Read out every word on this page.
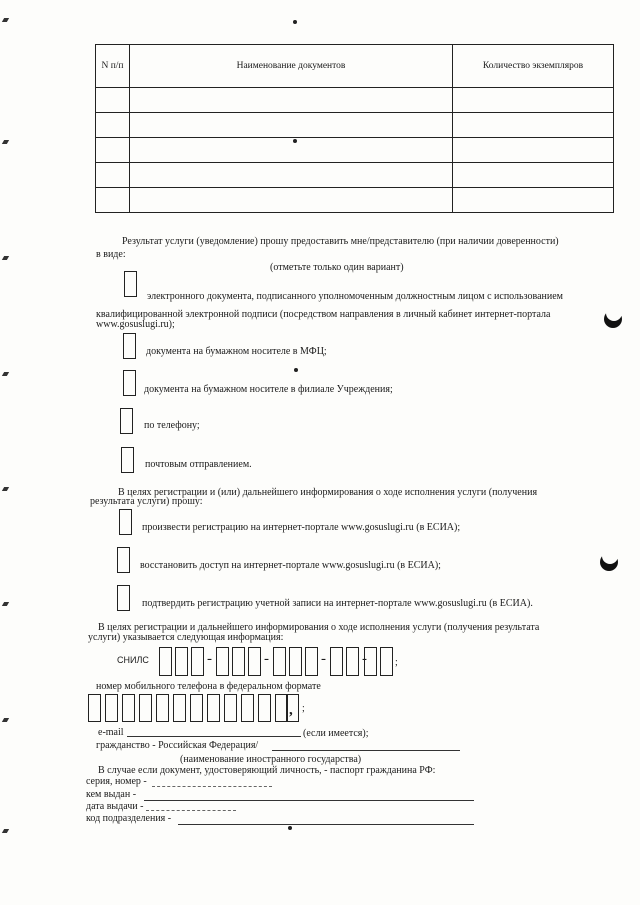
N п/п	Наименование документов	Количество экземпляров

Результат услуги (уведомление) прошу предоставить мне/представителю (при наличии доверенности)
в виде:
(отметьте только один вариант)
электронного документа, подписанного уполномоченным должностным лицом с использованием
квалифицированной электронной подписи (посредством направления в личный кабинет интернет-портала
www.gosuslugi.ru);
документа на бумажном носителе в МФЦ;
документа на бумажном носителе в филиале Учреждения;
по телефону;
почтовым отправлением.
В целях регистрации и (или) дальнейшего информирования о ходе исполнения услуги (получения
результата услуги) прошу:
произвести регистрацию на интернет-портале www.gosuslugi.ru (в ЕСИА);
восстановить доступ на интернет-портале www.gosuslugi.ru (в ЕСИА);
подтвердить регистрацию учетной записи на интернет-портале www.gosuslugi.ru (в ЕСИА).
В целях регистрации и дальнейшего информирования о ходе исполнения услуги (получения результата
услуги) указывается следующая информация:
СНИЛС	-	-	- -	;
номер мобильного телефона в федеральном формате
, ;
e-mail	(если имеется);
гражданство - Российская Федерация/
(наименование иностранного государства)
В случае если документ, удостоверяющий личность, - паспорт гражданина РФ:
серия, номер -
кем выдан -
дата выдачи -
код подразделения -
